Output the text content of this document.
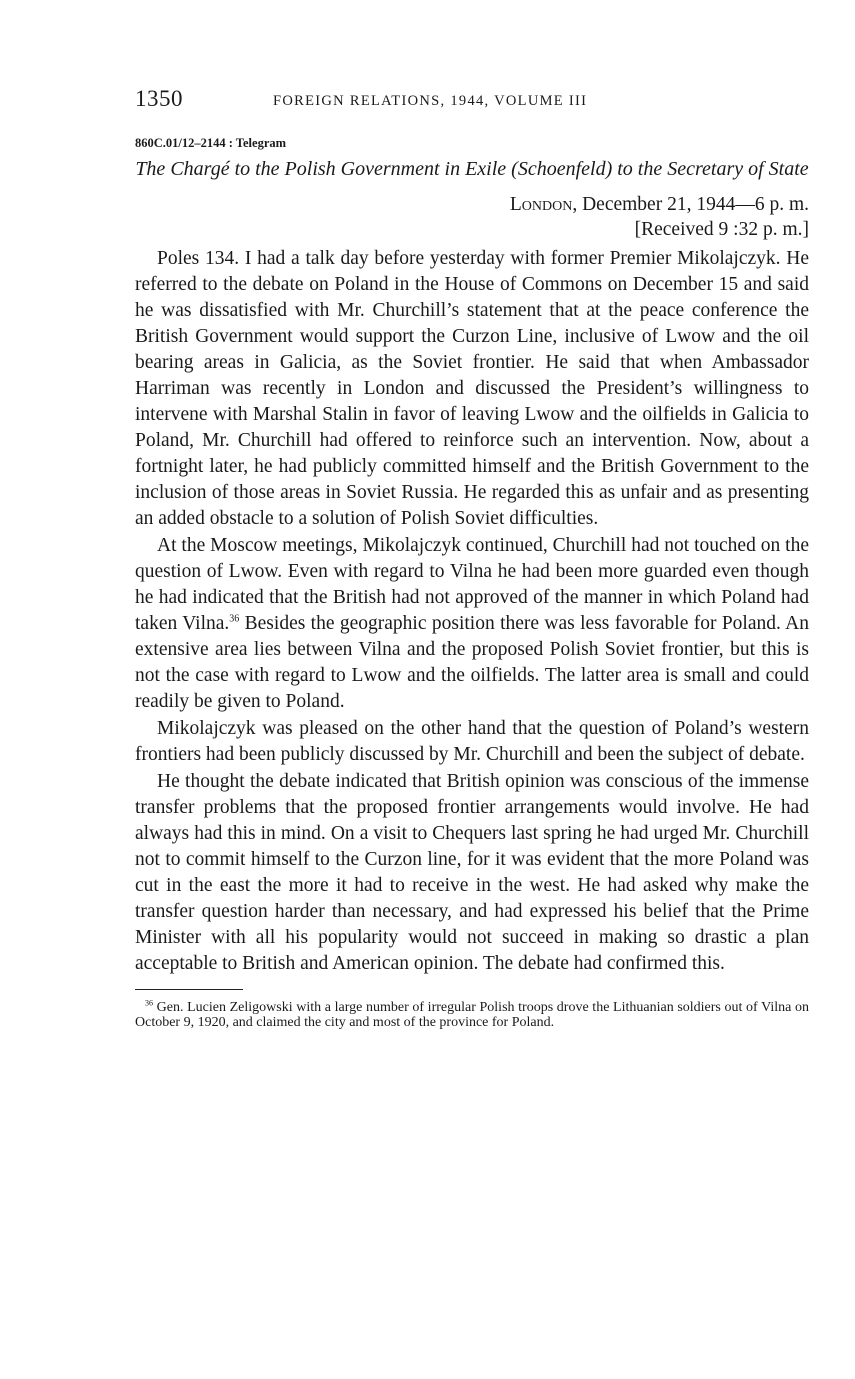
1350	FOREIGN RELATIONS, 1944, VOLUME III
860C.01/12–2144 : Telegram
The Chargé to the Polish Government in Exile (Schoenfeld) to the Secretary of State
London, December 21, 1944—6 p. m.
[Received 9 :32 p. m.]

Poles 134. I had a talk day before yesterday with former Premier Mikolajczyk. He referred to the debate on Poland in the House of Commons on December 15 and said he was dissatisfied with Mr. Churchill’s statement that at the peace conference the British Government would support the Curzon Line, inclusive of Lwow and the oil bearing areas in Galicia, as the Soviet frontier. He said that when Ambassador Harriman was recently in London and discussed the President’s willingness to intervene with Marshal Stalin in favor of leaving Lwow and the oilfields in Galicia to Poland, Mr. Churchill had offered to reinforce such an intervention. Now, about a fortnight later, he had publicly committed himself and the British Government to the inclusion of those areas in Soviet Russia. He regarded this as unfair and as presenting an added obstacle to a solution of Polish Soviet difficulties.

At the Moscow meetings, Mikolajczyk continued, Churchill had not touched on the question of Lwow. Even with regard to Vilna he had been more guarded even though he had indicated that the British had not approved of the manner in which Poland had taken Vilna.$^{36}$ Besides the geographic position there was less favorable for Poland. An extensive area lies between Vilna and the proposed Polish Soviet frontier, but this is not the case with regard to Lwow and the oilfields. The latter area is small and could readily be given to Poland.

Mikolajczyk was pleased on the other hand that the question of Poland’s western frontiers had been publicly discussed by Mr. Churchill and been the subject of debate.

He thought the debate indicated that British opinion was conscious of the immense transfer problems that the proposed frontier arrangements would involve. He had always had this in mind. On a visit to Chequers last spring he had urged Mr. Churchill not to commit himself to the Curzon line, for it was evident that the more Poland was cut in the east the more it had to receive in the west. He had asked why make the transfer question harder than necessary, and had expressed his belief that the Prime Minister with all his popularity would not succeed in making so drastic a plan acceptable to British and American opinion. The debate had confirmed this.

$^{36}$ Gen. Lucien Zeligowski with a large number of irregular Polish troops drove the Lithuanian soldiers out of Vilna on October 9, 1920, and claimed the city and most of the province for Poland.
